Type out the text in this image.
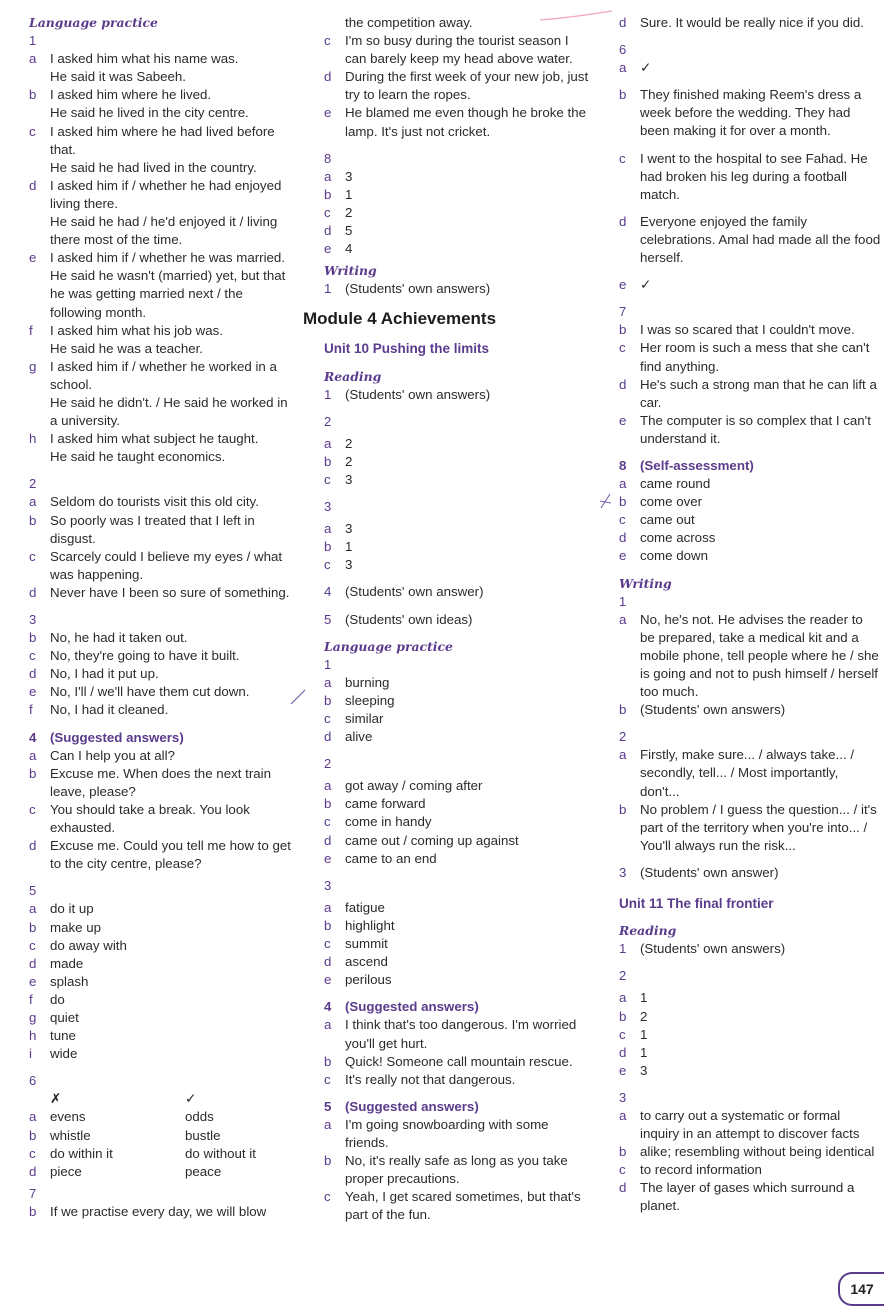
Language practice
1
a	I asked him what his name was.
He said it was Sabeeh.
b	I asked him where he lived.
He said he lived in the city centre.
c	I asked him where he had lived before that.
He said he had lived in the country.
d	I asked him if / whether he had enjoyed living there.
He said he had / he'd enjoyed it / living there most of the time.
e	I asked him if / whether he was married.
He said he wasn't (married) yet, but that he was getting married next / the following month.
f	I asked him what his job was.
He said he was a teacher.
g	I asked him if / whether he worked in a school.
He said he didn't. / He said he worked in a university.
h	I asked him what subject he taught.
He said he taught economics.
2
a	Seldom do tourists visit this old city.
b	So poorly was I treated that I left in disgust.
c	Scarcely could I believe my eyes / what was happening.
d	Never have I been so sure of something.
3
b	No, he had it taken out.
c	No, they're going to have it built.
d	No, I had it put up.
e	No, I'll / we'll have them cut down.
f	No, I had it cleaned.
4	(Suggested answers)
a	Can I help you at all?
b	Excuse me. When does the next train leave, please?
c	You should take a break. You look exhausted.
d	Excuse me. Could you tell me how to get to the city centre, please?
5
a	do it up
b	make up
c	do away with
d	made
e	splash
f	do
g	quiet
h	tune
i	wide
6
✗	✓
a	evens	odds
b	whistle	bustle
c	do within it	do without it
d	piece	peace
7
b	If we practise every day, we will blow
the competition away.
c	I'm so busy during the tourist season I can barely keep my head above water.
d	During the first week of your new job, just try to learn the ropes.
e	He blamed me even though he broke the lamp. It's just not cricket.
8
a	3
b	1
c	2
d	5
e	4
Writing
1	(Students' own answers)
Module 4 Achievements
Unit 10 Pushing the limits
Reading
1	(Students' own answers)
2
a	2
b	2
c	3
3
a	3
b	1
c	3
4	(Students' own answer)
5	(Students' own ideas)
Language practice
1
a	burning
b	sleeping
c	similar
d	alive
2
a	got away / coming after
b	came forward
c	come in handy
d	came out / coming up against
e	came to an end
3
a	fatigue
b	highlight
c	summit
d	ascend
e	perilous
4	(Suggested answers)
a	I think that's too dangerous. I'm worried you'll get hurt.
b	Quick! Someone call mountain rescue.
c	It's really not that dangerous.
5	(Suggested answers)
a	I'm going snowboarding with some friends.
b	No, it's really safe as long as you take proper precautions.
c	Yeah, I get scared sometimes, but that's part of the fun.
d	Sure. It would be really nice if you did.
6
a	✓
b	They finished making Reem's dress a week before the wedding. They had been making it for over a month.
c	I went to the hospital to see Fahad. He had broken his leg during a football match.
d	Everyone enjoyed the family celebrations. Amal had made all the food herself.
e	✓
7
b	I was so scared that I couldn't move.
c	Her room is such a mess that she can't find anything.
d	He's such a strong man that he can lift a car.
e	The computer is so complex that I can't understand it.
8	(Self-assessment)
a	came round
b	come over
c	came out
d	come across
e	come down
Writing
1
a	No, he's not. He advises the reader to be prepared, take a medical kit and a mobile phone, tell people where he / she is going and not to push himself / herself too much.
b	(Students' own answers)
2
a	Firstly, make sure... / always take... / secondly, tell... / Most importantly, don't...
b	No problem / I guess the question... / it's part of the territory when you're into... / You'll always run the risk...
3	(Students' own answer)
Unit 11 The final frontier
Reading
1	(Students' own answers)
2
a	1
b	2
c	1
d	1
e	3
3
a	to carry out a systematic or formal inquiry in an attempt to discover facts
b	alike; resembling without being identical
c	to record information
d	The layer of gases which surround a planet.
147
